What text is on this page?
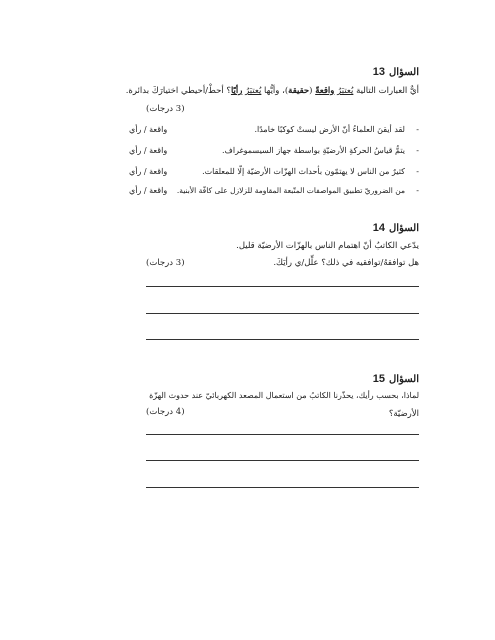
السؤال13
أيٌّ العبارات التالية يُعتبَرُ واقعةً (حقيقة)، وأيُّها يُعتبَرُ رأيًا؟ أحطْ/أحيطي اختيارَكَ بدائرة.
(3 درجات)
-
لقد أيقنَ العلماءُ أنّ الأرض ليستْ كوكبًا خامدًا.
واقعة / رأي
-
يتمُّ قياسُ الحركةِ الأرضيّةِ بواسطة جهاز السيسموغراف.
واقعة / رأي
-
كثيرٌ من الناس لا يهتمّون بأحداث الهزّات الأرضيّة إلّا للمعلقات.
واقعة / رأي
-
من الضروريّ تطبيق المواصفات المتّبعة المقاومة للزلازل على كافّة الأبنية.
واقعة / رأي
السؤال14
يدّعي الكاتبُ أنّ اهتمام الناس بالهزّات الأرضيّة قليل.
هل توافقهُ/توافقيه في ذلك؟ علِّل/ي رأيَكَ.
(3 درجات)
السؤال15
لماذا، بحسب رأيك، يحذّرنا الكاتبُ من استعمال المصعد الكهربائيّ عند حدوث الهزّة
الأرضيّة؟
(4 درجات)
